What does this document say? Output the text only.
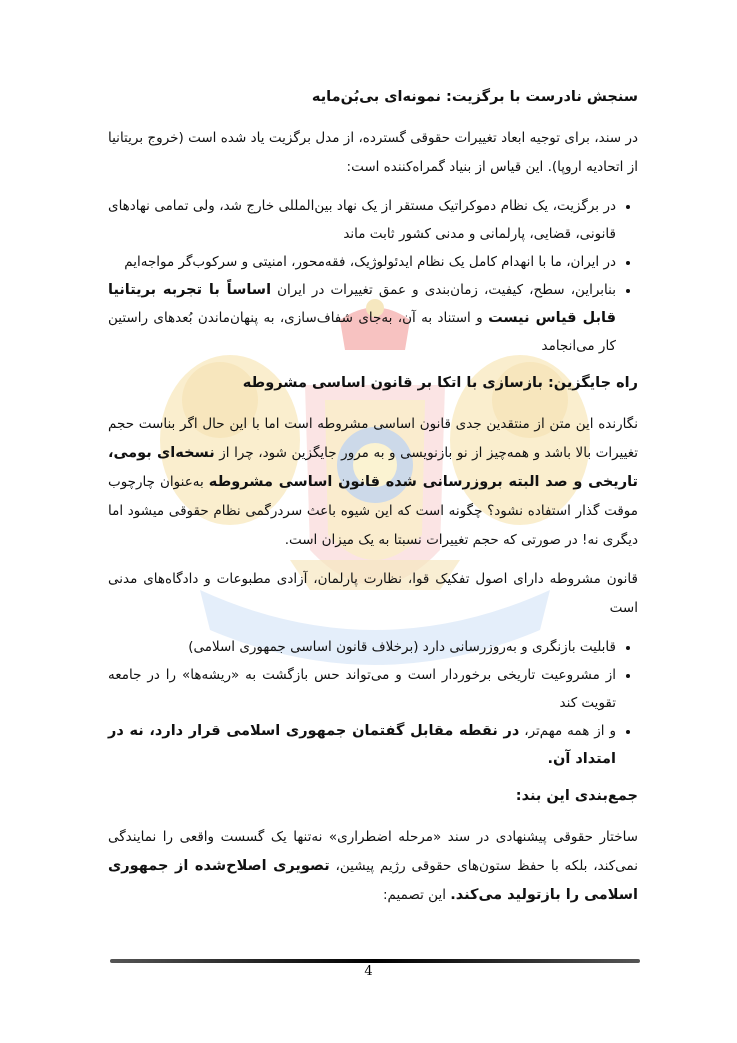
سنجش نادرست با برگزیت: نمونه‌ای بی‌بُن‌مایه

در سند، برای توجیه ابعاد تغییرات حقوقی گسترده، از مدل برگزیت یاد شده است (خروج بریتانیا از اتحادیه اروپا). این قیاس از بنیاد گمراه‌کننده است:

• در برگزیت، یک نظام دموکراتیک مستقر از یک نهاد بین‌المللی خارج شد، ولی تمامی نهادهای قانونی، قضایی، پارلمانی و مدنی کشور ثابت ماند
• در ایران، ما با انهدام کامل یک نظام ایدئولوژیک، فقه‌محور، امنیتی و سرکوب‌گر مواجه‌ایم
• بنابراین، سطح، کیفیت، زمان‌بندی و عمق تغییرات در ایران اساساً با تجربه بریتانیا قابل قیاس نیست و استناد به آن، به‌جای شفاف‌سازی، به پنهان‌ماندن بُعدهای راستین کار می‌انجامد
راه جایگزین: بازسازی با اتکا بر قانون اساسی مشروطه

نگارنده این متن از منتقدین جدی قانون اساسی مشروطه است اما با این حال اگر بناست حجم تغییرات بالا باشد و همه‌چیز از نو بازنویسی و به مرور جایگزین شود، چرا از نسخه‌ای بومی، تاریخی و صد البته بروزرسانی شده قانون اساسی مشروطه به‌عنوان چارچوب موقت گذار استفاده نشود؟ چگونه است که این شیوه باعث سردرگمی نظام حقوقی میشود اما دیگری نه! در صورتی که حجم تغییرات نسبتا به یک میزان است.

قانون مشروطه دارای اصول تفکیک قوا، نظارت پارلمان، آزادی مطبوعات و دادگاه‌های مدنی است

• قابلیت بازنگری و به‌روزرسانی دارد (برخلاف قانون اساسی جمهوری اسلامی)
• از مشروعیت تاریخی برخوردار است و می‌تواند حس بازگشت به «ریشه‌ها» را در جامعه تقویت کند
• و از همه مهم‌تر، در نقطه مقابل گفتمان جمهوری اسلامی قرار دارد، نه در امتداد آن.
جمع‌بندی این بند:

ساختار حقوقی پیشنهادی در سند «مرحله اضطراری» نه‌تنها یک گسست واقعی را نمایندگی نمی‌کند، بلکه با حفظ ستون‌های حقوقی رژیم پیشین، تصویری اصلاح‌شده از جمهوری اسلامی را بازتولید می‌کند. این تصمیم:

4
